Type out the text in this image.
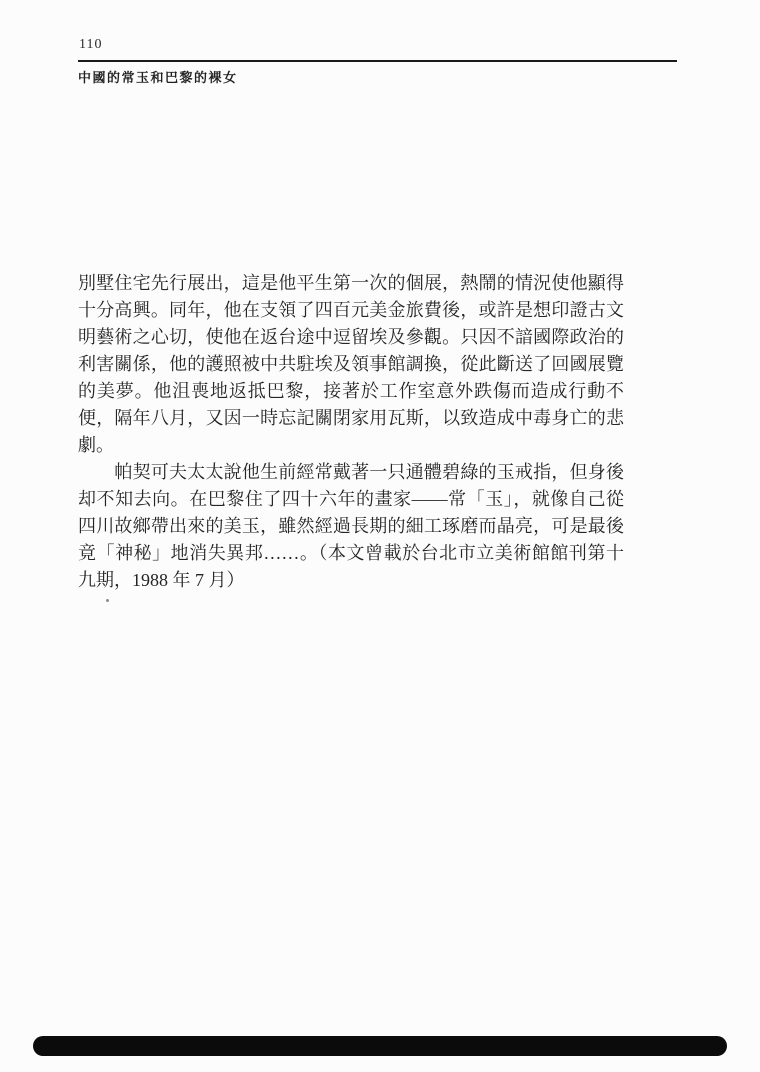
110
中國的常玉和巴黎的裸女
別墅住宅先行展出，這是他平生第一次的個展，熱鬧的情況使他顯得
十分高興。同年，他在支領了四百元美金旅費後，或許是想印證古文
明藝術之心切，使他在返台途中逗留埃及參觀。只因不諳國際政治的
利害關係，他的護照被中共駐埃及領事館調換，從此斷送了回國展覽
的美夢。他沮喪地返抵巴黎，接著於工作室意外跌傷而造成行動不
便，隔年八月，又因一時忘記關閉家用瓦斯，以致造成中毒身亡的悲
劇。
　　帕契可夫太太說他生前經常戴著一只通體碧綠的玉戒指，但身後
却不知去向。在巴黎住了四十六年的畫家——常「玉」，就像自己從
四川故鄉帶出來的美玉，雖然經過長期的細工琢磨而晶亮，可是最後
竟「神秘」地消失異邦……。（本文曾載於台北市立美術館館刊第十
九期，1988 年 7 月）
